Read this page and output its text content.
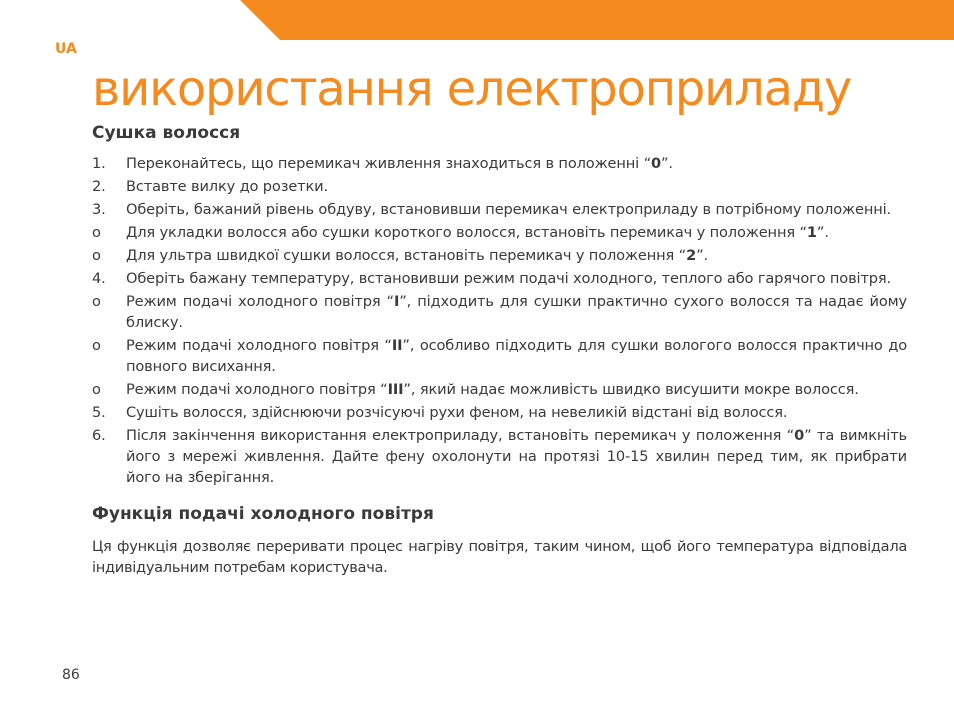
UA
використання електроприладу
Сушка волосся
1.	Переконайтесь, що перемикач живлення знаходиться в положенні “0”.
2.	Вставте вилку до розетки.
3.	Оберіть, бажаний рівень обдуву, встановивши перемикач електроприладу в потрібному положенні.
o	Для укладки волосся або сушки короткого волосся, встановіть перемикач у положення “1”.
o	Для ультра швидкої сушки волосся, встановіть перемикач у положення “2”.
4.	Оберіть бажану температуру, встановивши режим подачі холодного, теплого або гарячого повітря.
o	Режим подачі холодного повітря “I”, підходить для сушки практично сухого волосся та надає йому блиску.
o	Режим подачі холодного повітря “II”, особливо підходить для сушки вологого волосся практично до повного висихання.
o	Режим подачі холодного повітря “III”, який надає можливість швидко висушити мокре волосся.
5.	Сушіть волосся, здійснюючи розчісуючі рухи феном, на невеликій відстані від волосся.
6.	Після закінчення використання електроприладу, встановіть перемикач у положення “0” та вимкніть його з мережі живлення. Дайте фену охолонути на протязі 10-15 хвилин перед тим, як прибрати його на зберігання.
Функція подачі холодного повітря

Ця функція дозволяє переривати процес нагріву повітря, таким чином, щоб його температура відповідала індивідуальним потребам користувача.

86
